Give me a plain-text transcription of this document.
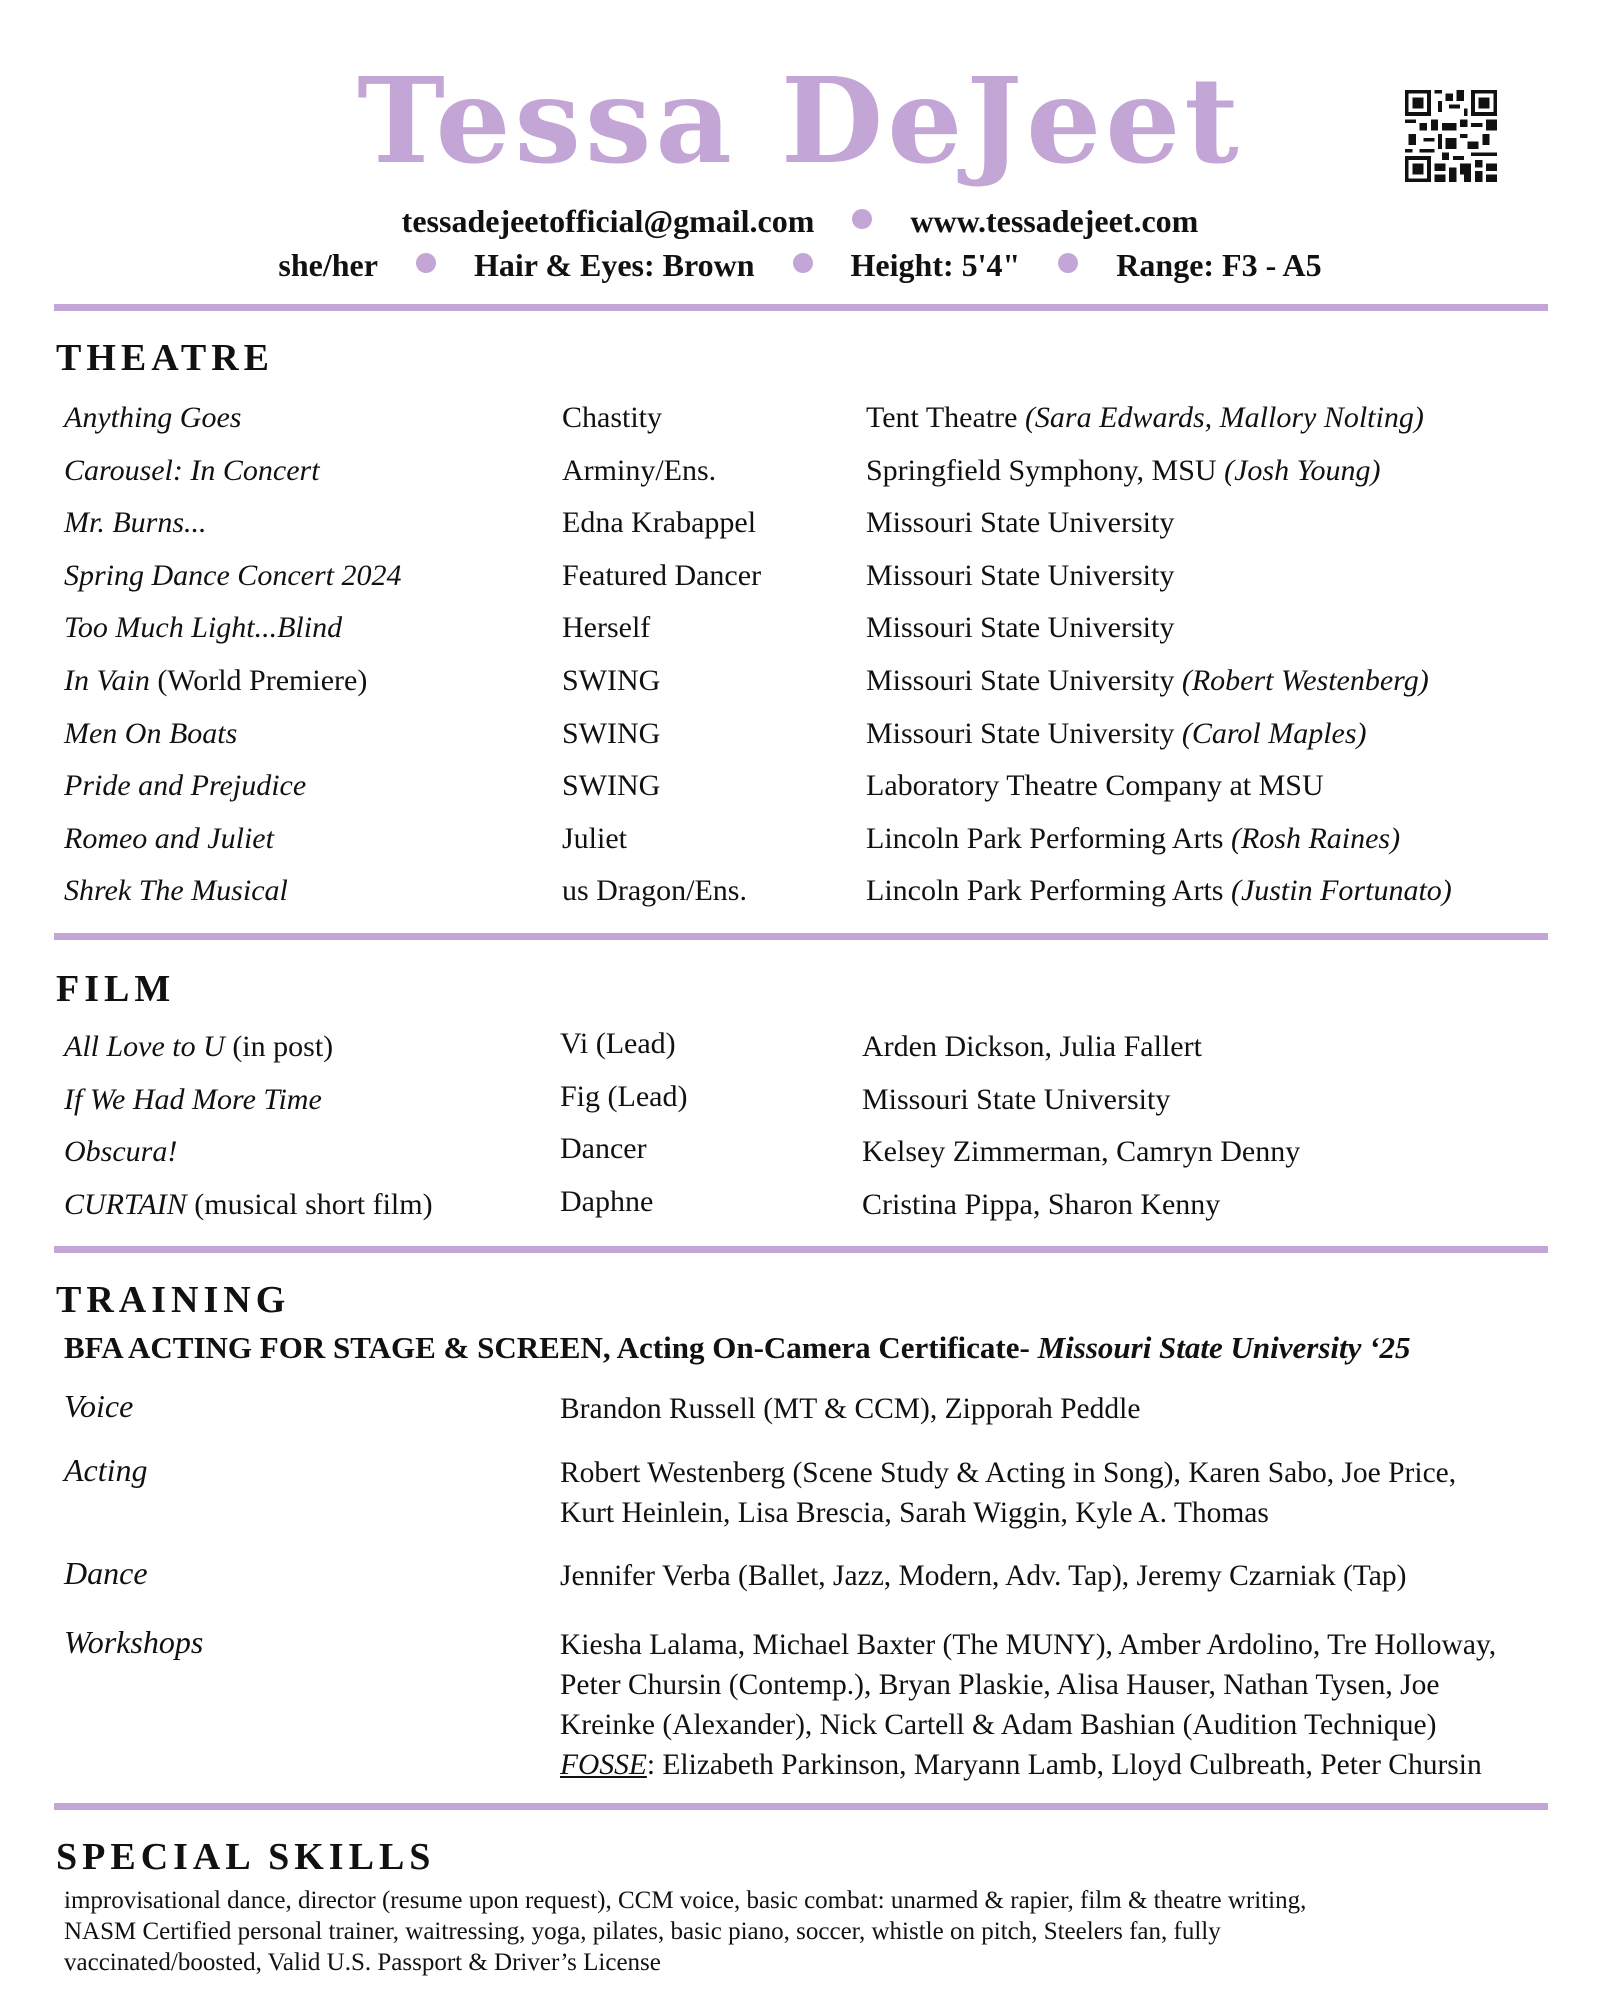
Tessa DeJeet
tessadejeetofficial@gmail.com	www.tessadejeet.com
she/her	Hair & Eyes: Brown	Height: 5'4"	Range: F3 - A5
THEATRE
Anything Goes	Chastity	Tent Theatre (Sara Edwards, Mallory Nolting)
Carousel: In Concert	Arminy/Ens.	Springfield Symphony, MSU (Josh Young)
Mr. Burns...	Edna Krabappel	Missouri State University
Spring Dance Concert 2024	Featured Dancer	Missouri State University
Too Much Light...Blind	Herself	Missouri State University
In Vain (World Premiere)	SWING	Missouri State University (Robert Westenberg)
Men On Boats	SWING	Missouri State University (Carol Maples)
Pride and Prejudice	SWING	Laboratory Theatre Company at MSU
Romeo and Juliet	Juliet	Lincoln Park Performing Arts (Rosh Raines)
Shrek The Musical	us Dragon/Ens.	Lincoln Park Performing Arts (Justin Fortunato)
FILM
All Love to U (in post)	Vi (Lead)	Arden Dickson, Julia Fallert
If We Had More Time	Fig (Lead)	Missouri State University
Obscura!	Dancer	Kelsey Zimmerman, Camryn Denny
CURTAIN (musical short film)	Daphne	Cristina Pippa, Sharon Kenny
TRAINING
BFA ACTING FOR STAGE & SCREEN, Acting On-Camera Certificate- Missouri State University ‘25
Voice	Brandon Russell (MT & CCM), Zipporah Peddle
Acting	Robert Westenberg (Scene Study & Acting in Song), Karen Sabo, Joe Price,
Kurt Heinlein, Lisa Brescia, Sarah Wiggin, Kyle A. Thomas
Dance	Jennifer Verba (Ballet, Jazz, Modern, Adv. Tap), Jeremy Czarniak (Tap)
Workshops	Kiesha Lalama, Michael Baxter (The MUNY), Amber Ardolino, Tre Holloway,
Peter Chursin (Contemp.), Bryan Plaskie, Alisa Hauser, Nathan Tysen, Joe
Kreinke (Alexander), Nick Cartell & Adam Bashian (Audition Technique)
FOSSE: Elizabeth Parkinson, Maryann Lamb, Lloyd Culbreath, Peter Chursin
SPECIAL SKILLS
improvisational dance, director (resume upon request), CCM voice, basic combat: unarmed & rapier, film & theatre writing,
NASM Certified personal trainer, waitressing, yoga, pilates, basic piano, soccer, whistle on pitch, Steelers fan, fully
vaccinated/boosted, Valid U.S. Passport & Driver’s License
